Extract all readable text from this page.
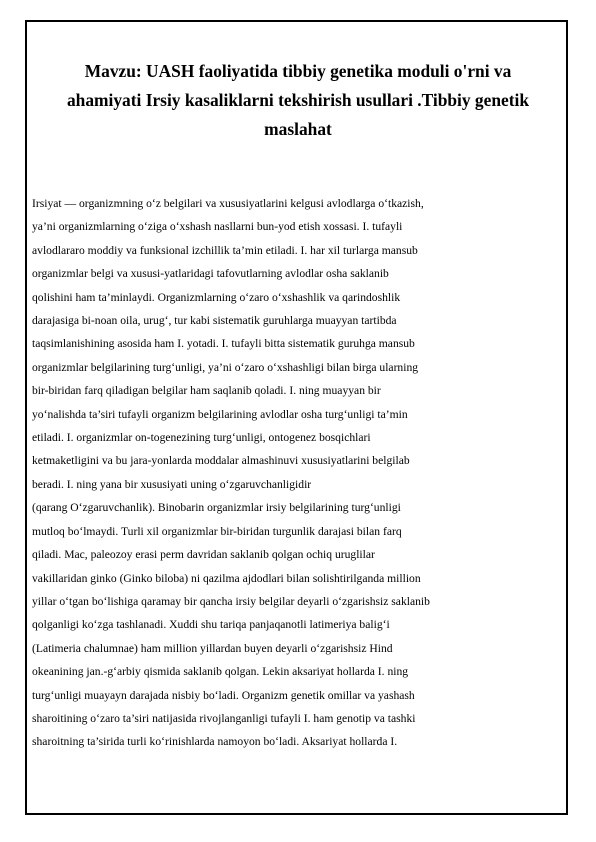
Mavzu: UASH faoliyatida tibbiy genetika moduli o'rni va
ahamiyati Irsiy kasaliklarni tekshirish usullari .Tibbiy genetik
maslahat
Irsiyat — organizmning o‘z belgilari va xususiyatlarini kelgusi avlodlarga o‘tkazish,
ya’ni organizmlarning o‘ziga o‘xshash nasllarni bun-yod etish xossasi. I. tufayli
avlodlararo moddiy va funksional izchillik ta’min etiladi. I. har xil turlarga mansub
organizmlar belgi va xususi-yatlaridagi tafovutlarning avlodlar osha saklanib
qolishini ham ta’minlaydi. Organizmlarning o‘zaro o‘xshashlik va qarindoshlik
darajasiga bi-noan oila, urug‘, tur kabi sistematik guruhlarga muayyan tartibda
taqsimlanishining asosida ham I. yotadi. I. tufayli bitta sistematik guruhga mansub
organizmlar belgilarining turg‘unligi, ya’ni o‘zaro o‘xshashligi bilan birga ularning
bir-biridan farq qiladigan belgilar ham saqlanib qoladi. I. ning muayyan bir
yo‘nalishda ta’siri tufayli organizm belgilarining avlodlar osha turg‘unligi ta’min
etiladi. I. organizmlar on-togenezining turg‘unligi, ontogenez bosqichlari
ketmaketligini va bu jara-yonlarda moddalar almashinuvi xususiyatlarini belgilab
beradi. I. ning yana bir xususiyati uning o‘zgaruvchanligidir
(qarang O‘zgaruvchanlik). Binobarin organizmlar irsiy belgilarining turg‘unligi
mutloq bo‘lmaydi. Turli xil organizmlar bir-biridan turgunlik darajasi bilan farq
qiladi. Mac, paleozoy erasi perm davridan saklanib qolgan ochiq uruglilar
vakillaridan ginko (Ginko biloba) ni qazilma ajdodlari bilan solishtirilganda million
yillar o‘tgan bo‘lishiga qaramay bir qancha irsiy belgilar deyarli o‘zgarishsiz saklanib
qolganligi ko‘zga tashlanadi. Xuddi shu tariqa panjaqanotli latimeriya balig‘i
(Latimeria chalumnae) ham million yillardan buyen deyarli o‘zgarishsiz Hind
okeanining jan.-g‘arbiy qismida saklanib qolgan. Lekin aksariyat hollarda I. ning
turg‘unligi muayayn darajada nisbiy bo‘ladi. Organizm genetik omillar va yashash
sharoitining o‘zaro ta’siri natijasida rivojlanganligi tufayli I. ham genotip va tashki
sharoitning ta’sirida turli ko‘rinishlarda namoyon bo‘ladi. Aksariyat hollarda I.
